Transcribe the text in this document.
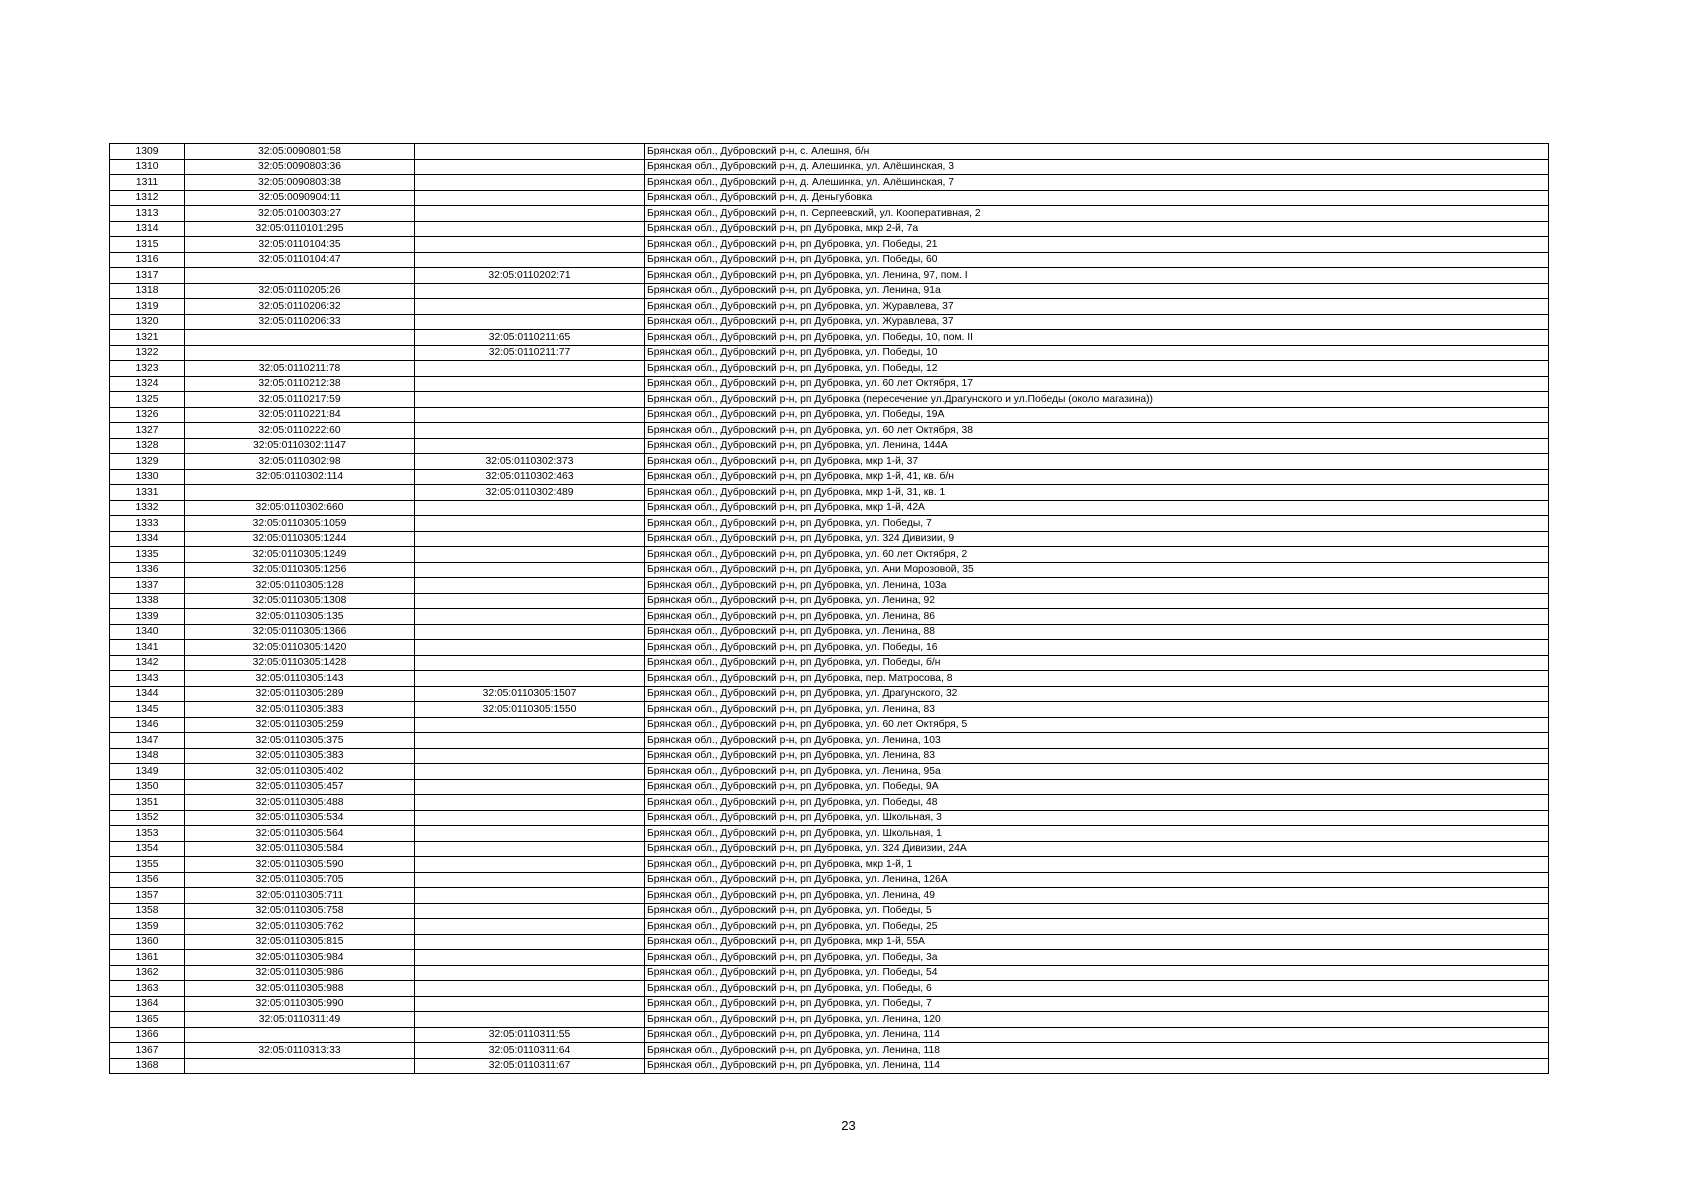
1309	32:05:0090801:58		Брянская обл., Дубровский р-н, с. Алешня, б/н
1310	32:05:0090803:36		Брянская обл., Дубровский р-н, д. Алешинка, ул. Алёшинская, 3
1311	32:05:0090803:38		Брянская обл., Дубровский р-н, д. Алешинка, ул. Алёшинская, 7
1312	32:05:0090904:11		Брянская обл., Дубровский р-н, д. Деньгубовка
1313	32:05:0100303:27		Брянская обл., Дубровский р-н, п. Серпеевский, ул. Кооперативная, 2
1314	32:05:0110101:295		Брянская обл., Дубровский р-н, рп Дубровка, мкр 2-й, 7а
1315	32:05:0110104:35		Брянская обл., Дубровский р-н, рп Дубровка, ул. Победы, 21
1316	32:05:0110104:47		Брянская обл., Дубровский р-н, рп Дубровка, ул. Победы, 60
1317		32:05:0110202:71	Брянская обл., Дубровский р-н, рп Дубровка, ул. Ленина, 97, пом. I
1318	32:05:0110205:26		Брянская обл., Дубровский р-н, рп Дубровка, ул. Ленина, 91а
1319	32:05:0110206:32		Брянская обл., Дубровский р-н, рп Дубровка, ул. Журавлева, 37
1320	32:05:0110206:33		Брянская обл., Дубровский р-н, рп Дубровка, ул. Журавлева, 37
1321		32:05:0110211:65	Брянская обл., Дубровский р-н, рп Дубровка, ул. Победы, 10, пом. II
1322		32:05:0110211:77	Брянская обл., Дубровский р-н, рп Дубровка, ул. Победы, 10
1323	32:05:0110211:78		Брянская обл., Дубровский р-н, рп Дубровка, ул. Победы, 12
1324	32:05:0110212:38		Брянская обл., Дубровский р-н, рп Дубровка, ул. 60 лет Октября, 17
1325	32:05:0110217:59		Брянская обл., Дубровский р-н, рп Дубровка (пересечение ул.Драгунского и ул.Победы (около магазина))
1326	32:05:0110221:84		Брянская обл., Дубровский р-н, рп Дубровка, ул. Победы, 19А
1327	32:05:0110222:60		Брянская обл., Дубровский р-н, рп Дубровка, ул. 60 лет Октября, 38
1328	32:05:0110302:1147		Брянская обл., Дубровский р-н, рп Дубровка, ул. Ленина, 144А
1329	32:05:0110302:98	32:05:0110302:373	Брянская обл., Дубровский р-н, рп Дубровка, мкр 1-й, 37
1330	32:05:0110302:114	32:05:0110302:463	Брянская обл., Дубровский р-н, рп Дубровка, мкр 1-й, 41, кв. б/н
1331		32:05:0110302:489	Брянская обл., Дубровский р-н, рп Дубровка, мкр 1-й, 31, кв. 1
1332	32:05:0110302:660		Брянская обл., Дубровский р-н, рп Дубровка, мкр 1-й, 42А
1333	32:05:0110305:1059		Брянская обл., Дубровский р-н, рп Дубровка, ул. Победы, 7
1334	32:05:0110305:1244		Брянская обл., Дубровский р-н, рп Дубровка, ул. 324 Дивизии, 9
1335	32:05:0110305:1249		Брянская обл., Дубровский р-н, рп Дубровка, ул. 60 лет Октября, 2
1336	32:05:0110305:1256		Брянская обл., Дубровский р-н, рп Дубровка, ул. Ани Морозовой, 35
1337	32:05:0110305:128		Брянская обл., Дубровский р-н, рп Дубровка, ул. Ленина, 103а
1338	32:05:0110305:1308		Брянская обл., Дубровский р-н, рп Дубровка, ул. Ленина, 92
1339	32:05:0110305:135		Брянская обл., Дубровский р-н, рп Дубровка, ул. Ленина, 86
1340	32:05:0110305:1366		Брянская обл., Дубровский р-н, рп Дубровка, ул. Ленина, 88
1341	32:05:0110305:1420		Брянская обл., Дубровский р-н, рп Дубровка, ул. Победы, 16
1342	32:05:0110305:1428		Брянская обл., Дубровский р-н, рп Дубровка, ул. Победы, б/н
1343	32:05:0110305:143		Брянская обл., Дубровский р-н, рп Дубровка, пер. Матросова, 8
1344	32:05:0110305:289	32:05:0110305:1507	Брянская обл., Дубровский р-н, рп Дубровка, ул. Драгунского, 32
1345	32:05:0110305:383	32:05:0110305:1550	Брянская обл., Дубровский р-н, рп Дубровка, ул. Ленина, 83
1346	32:05:0110305:259		Брянская обл., Дубровский р-н, рп Дубровка, ул. 60 лет Октября, 5
1347	32:05:0110305:375		Брянская обл., Дубровский р-н, рп Дубровка, ул. Ленина, 103
1348	32:05:0110305:383		Брянская обл., Дубровский р-н, рп Дубровка, ул. Ленина, 83
1349	32:05:0110305:402		Брянская обл., Дубровский р-н, рп Дубровка, ул. Ленина, 95а
1350	32:05:0110305:457		Брянская обл., Дубровский р-н, рп Дубровка, ул. Победы, 9А
1351	32:05:0110305:488		Брянская обл., Дубровский р-н, рп Дубровка, ул. Победы, 48
1352	32:05:0110305:534		Брянская обл., Дубровский р-н, рп Дубровка, ул. Школьная, 3
1353	32:05:0110305:564		Брянская обл., Дубровский р-н, рп Дубровка, ул. Школьная, 1
1354	32:05:0110305:584		Брянская обл., Дубровский р-н, рп Дубровка, ул. 324 Дивизии, 24А
1355	32:05:0110305:590		Брянская обл., Дубровский р-н, рп Дубровка, мкр 1-й, 1
1356	32:05:0110305:705		Брянская обл., Дубровский р-н, рп Дубровка, ул. Ленина, 126А
1357	32:05:0110305:711		Брянская обл., Дубровский р-н, рп Дубровка, ул. Ленина, 49
1358	32:05:0110305:758		Брянская обл., Дубровский р-н, рп Дубровка, ул. Победы, 5
1359	32:05:0110305:762		Брянская обл., Дубровский р-н, рп Дубровка, ул. Победы, 25
1360	32:05:0110305:815		Брянская обл., Дубровский р-н, рп Дубровка, мкр 1-й, 55А
1361	32:05:0110305:984		Брянская обл., Дубровский р-н, рп Дубровка, ул. Победы, 3а
1362	32:05:0110305:986		Брянская обл., Дубровский р-н, рп Дубровка, ул. Победы, 54
1363	32:05:0110305:988		Брянская обл., Дубровский р-н, рп Дубровка, ул. Победы, 6
1364	32:05:0110305:990		Брянская обл., Дубровский р-н, рп Дубровка, ул. Победы, 7
1365	32:05:0110311:49		Брянская обл., Дубровский р-н, рп Дубровка, ул. Ленина, 120
1366		32:05:0110311:55	Брянская обл., Дубровский р-н, рп Дубровка, ул. Ленина, 114
1367	32:05:0110313:33	32:05:0110311:64	Брянская обл., Дубровский р-н, рп Дубровка, ул. Ленина, 118
1368		32:05:0110311:67	Брянская обл., Дубровский р-н, рп Дубровка, ул. Ленина, 114
23
